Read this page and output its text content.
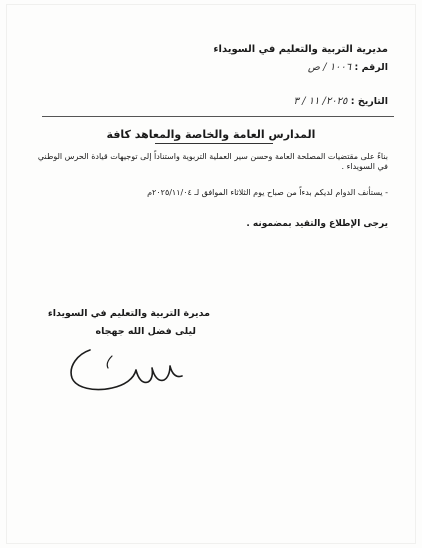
مديرية التربية والتعليم في السويداء
الرقم : ١٠٠٦ / ص
التاريخ : ٢٠٢٥/ ١١ / ٣
المدارس العامة والخاصة والمعاهد كافة
بناءً على مقتضيات المصلحة العامة وحسن سير العملية التربوية واستناداً إلى توجيهات قيادة الحرس الوطني
في السويداء .
- يستأنف الدوام لديكم بدءاً من صباح يوم الثلاثاء الموافق لـ ٢٠٢٥/١١/٠٤م
يرجى الإطلاع والتقيد بمضمونه .
مديرة التربية والتعليم في السويداء
ليلى فضل الله جهجاه
